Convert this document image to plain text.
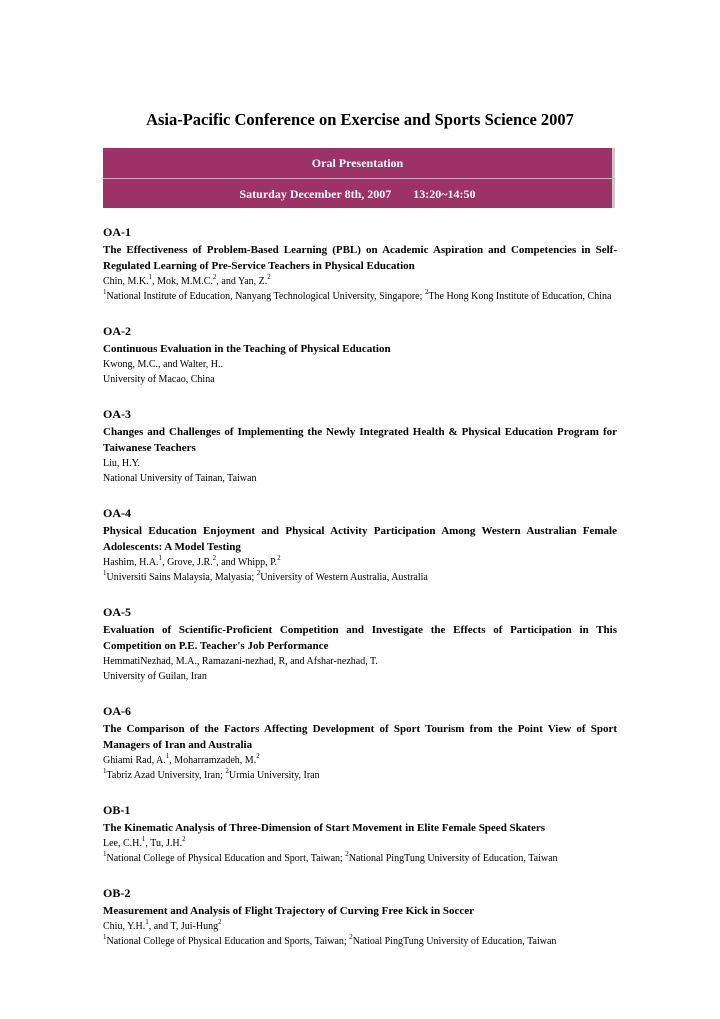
Asia-Pacific Conference on Exercise and Sports Science 2007
Oral Presentation
Saturday December 8th, 2007 13:20~14:50
OA-1
The Effectiveness of Problem-Based Learning (PBL) on Academic Aspiration and Competencies in Self-Regulated Learning of Pre-Service Teachers in Physical Education
Chin, M.K.$^1$, Mok, M.M.C.$^2$, and Yan, Z.$^2$
$^1$National Institute of Education, Nanyang Technological University, Singapore; $^2$The Hong Kong Institute of Education, China
OA-2
Continuous Evaluation in the Teaching of Physical Education
Kwong, M.C., and Walter, H..
University of Macao, China
OA-3
Changes and Challenges of Implementing the Newly Integrated Health & Physical Education Program for Taiwanese Teachers
Liu, H.Y.
National University of Tainan, Taiwan
OA-4
Physical Education Enjoyment and Physical Activity Participation Among Western Australian Female Adolescents: A Model Testing
Hashim, H.A.$^1$, Grove, J.R.$^2$, and Whipp, P.$^2$
$^1$Universiti Sains Malaysia, Malyasia; $^2$University of Western Australia, Australia
OA-5
Evaluation of Scientific-Proficient Competition and Investigate the Effects of Participation in This Competition on P.E. Teacher's Job Performance
HemmatiNezhad, M.A., Ramazani-nezhad, R, and Afshar-nezhad, T.
University of Guilan, Iran
OA-6
The Comparison of the Factors Affecting Development of Sport Tourism from the Point View of Sport Managers of Iran and Australia
Ghiami Rad, A.$^1$, Moharramzadeh, M.$^2$
$^1$Tabriz Azad University, Iran; $^2$Urmia University, Iran
OB-1
The Kinematic Analysis of Three-Dimension of Start Movement in Elite Female Speed Skaters
Lee, C.H.$^1$, Tu, J.H.$^2$
$^1$National College of Physical Education and Sport, Taiwan; $^2$National PingTung University of Education, Taiwan
OB-2
Measurement and Analysis of Flight Trajectory of Curving Free Kick in Soccer
Chiu, Y.H.$^1$, and T, Jui-Hung$^2$
$^1$National College of Physical Education and Sports, Taiwan; $^2$Natioal PingTung University of Education, Taiwan
